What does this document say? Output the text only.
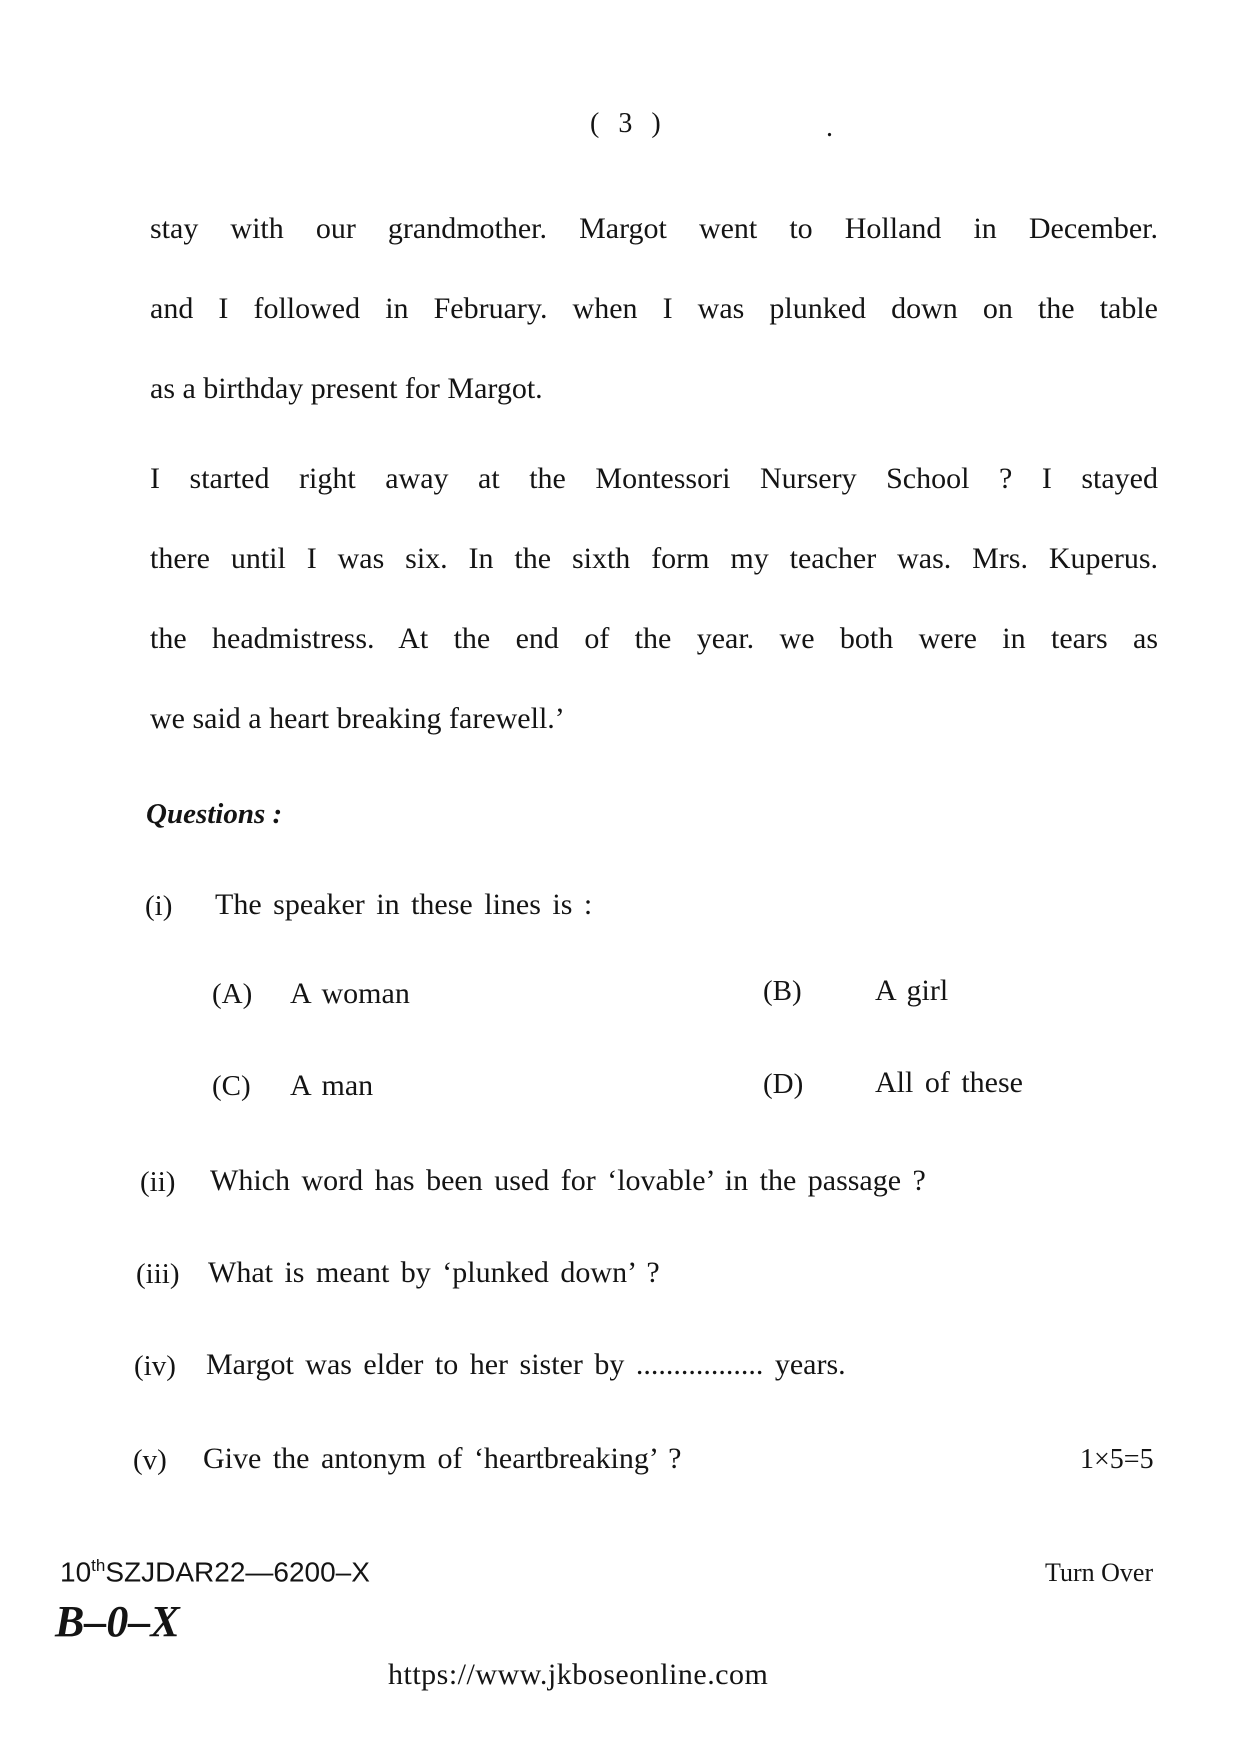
( 3 )	.
stay with our grandmother. Margot went to Holland in December.
and I followed in February. when I was plunked down on the table
as a birthday present for Margot.
I started right away at the Montessori Nursery School ? I stayed
there until I was six. In the sixth form my teacher was. Mrs. Kuperus.
the headmistress. At the end of the year. we both were in tears as
we said a heart breaking farewell.’
Questions :
(i) The speaker in these lines is :
(A) A woman	(B) A girl
(C) A man	(D) All of these
(ii) Which word has been used for ‘lovable’ in the passage ?
(iii) What is meant by ‘plunked down’ ?
(iv) Margot was elder to her sister by ................. years.
(v) Give the antonym of ‘heartbreaking’ ?	1×5=5
10thSZJDAR22—6200–X	Turn Over
B–0–X
https://www.jkboseonline.com
